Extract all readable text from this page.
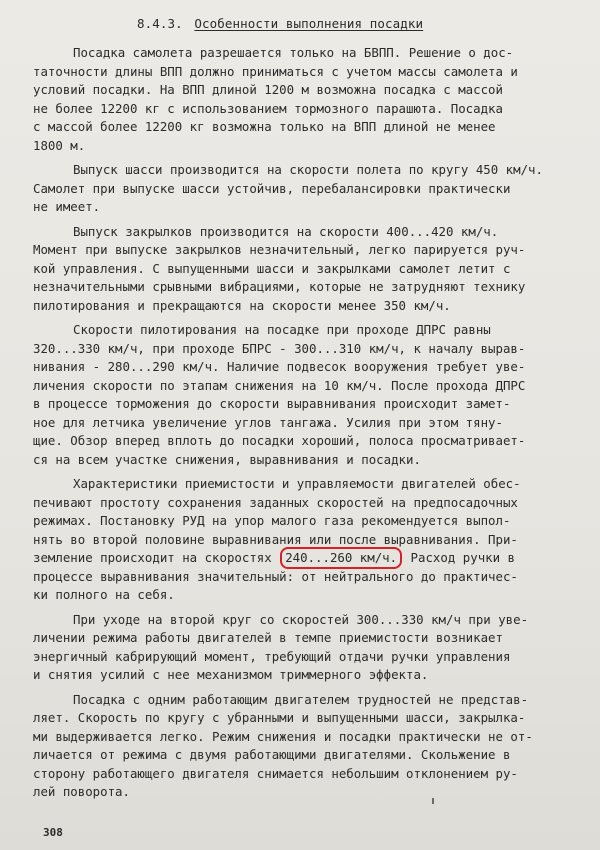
8.4.3. Особенности выполнения посадки
Посадка самолета разрешается только на БВПП. Решение о дос-
таточности длины ВПП должно приниматься с учетом массы самолета и
условий посадки. На ВПП длиной 1200 м возможна посадка с массой
не более 12200 кг с использованием тормозного парашюта. Посадка
с массой более 12200 кг возможна только на ВПП длиной не менее
1800 м.
Выпуск шасси производится на скорости полета по кругу 450 км/ч.
Самолет при выпуске шасси устойчив, перебалансировки практически
не имеет.
Выпуск закрылков производится на скорости 400...420 км/ч.
Момент при выпуске закрылков незначительный, легко парируется руч-
кой управления. С выпущенными шасси и закрылками самолет летит с
незначительными срывными вибрациями, которые не затрудняют технику
пилотирования и прекращаются на скорости менее 350 км/ч.
Скорости пилотирования на посадке при проходе ДПРС равны
320...330 км/ч, при проходе БПРС - 300...310 км/ч, к началу вырав-
нивания - 280...290 км/ч. Наличие подвесок вооружения требует уве-
личения скорости по этапам снижения на 10 км/ч. После прохода ДПРС
в процессе торможения до скорости выравнивания происходит замет-
ное для летчика увеличение углов тангажа. Усилия при этом тяну-
щие. Обзор вперед вплоть до посадки хороший, полоса просматривает-
ся на всем участке снижения, выравнивания и посадки.
Характеристики приемистости и управляемости двигателей обес-
печивают простоту сохранения заданных скоростей на предпосадочных
режимах. Постановку РУД на упор малого газа рекомендуется выпол-
нять во второй половине выравнивания или после выравнивания. При-
земление происходит на скоростях 240...260 км/ч. Расход ручки в
процессе выравнивания значительный: от нейтрального до практичес-
ки полного на себя.
При уходе на второй круг со скоростей 300...330 км/ч при уве-
личении режима работы двигателей в темпе приемистости возникает
энергичный кабрирующий момент, требующий отдачи ручки управления
и снятия усилий с нее механизмом триммерного эффекта.
Посадка с одним работающим двигателем трудностей не представ-
ляет. Скорость по кругу с убранными и выпущенными шасси, закрылка-
ми выдерживается легко. Режим снижения и посадки практически не от-
личается от режима с двумя работающими двигателями. Скольжение в
сторону работающего двигателя снимается небольшим отклонением ру-
лей поворота.
308
